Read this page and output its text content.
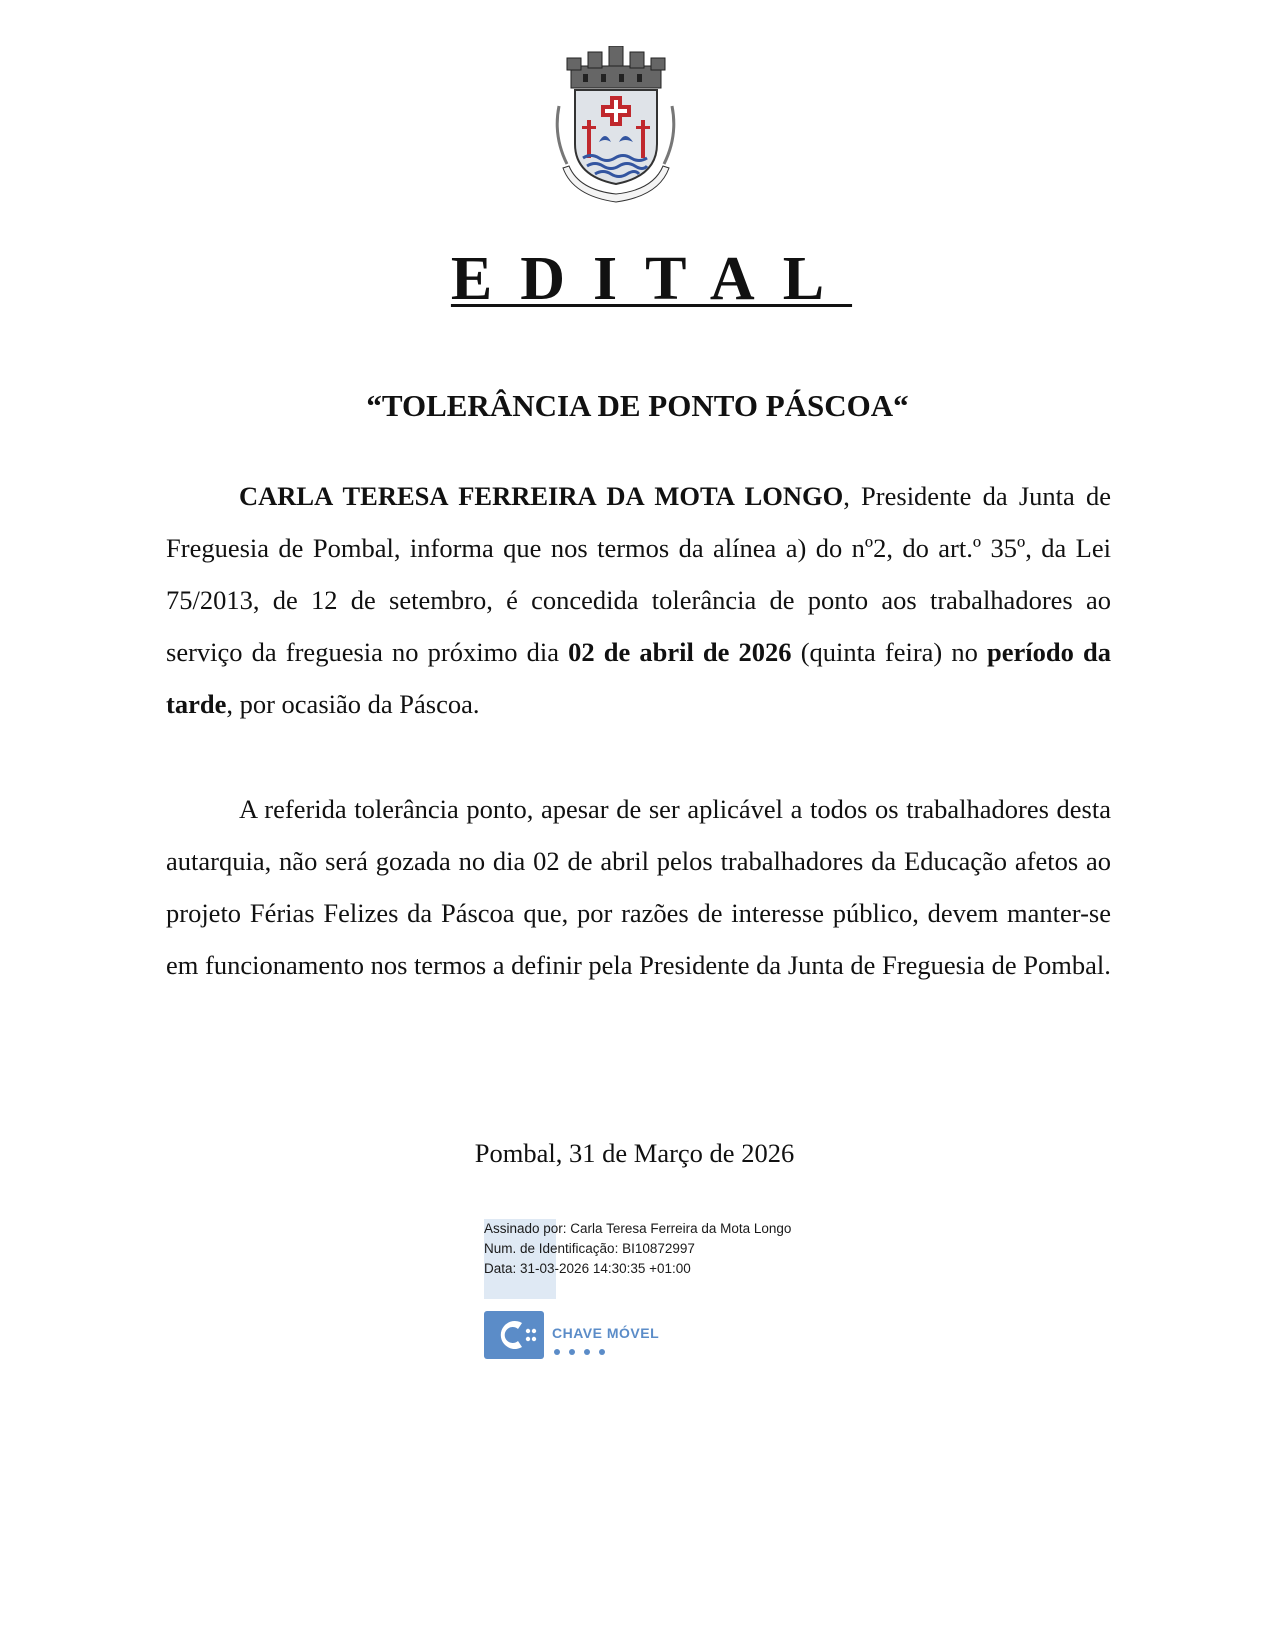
EDITAL
“TOLERÂNCIA DE PONTO PÁSCOA“

CARLA TERESA FERREIRA DA MOTA LONGO, Presidente da Junta de Freguesia de Pombal, informa que nos termos da alínea a) do nº2, do art.º 35º, da Lei 75/2013, de 12 de setembro, é concedida tolerância de ponto aos trabalhadores ao serviço da freguesia no próximo dia 02 de abril de 2026 (quinta feira) no período da tarde, por ocasião da Páscoa.

A referida tolerância ponto, apesar de ser aplicável a todos os trabalhadores desta autarquia, não será gozada no dia 02 de abril pelos trabalhadores da Educação afetos ao projeto Férias Felizes da Páscoa que, por razões de interesse público, devem manter-se em funcionamento nos termos a definir pela Presidente da Junta de Freguesia de Pombal.

Pombal, 31 de Março de 2026
Assinado por: Carla Teresa Ferreira da Mota Longo
Num. de Identificação: BI10872997
Data: 31-03-2026 14:30:35 +01:00
CHAVE MÓVEL
